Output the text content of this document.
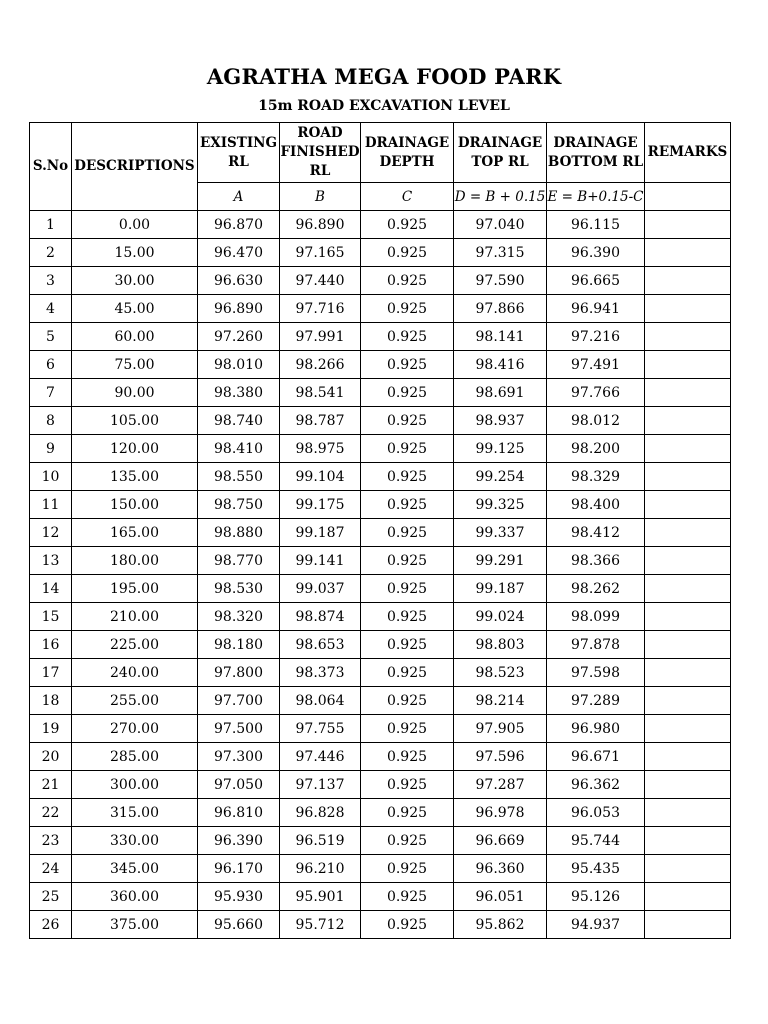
AGRATHA MEGA FOOD PARK
15m ROAD EXCAVATION LEVEL
S.No	DESCRIPTIONS	EXISTING RL	ROAD FINISHED RL	DRAINAGE DEPTH	DRAINAGE TOP RL	DRAINAGE BOTTOM RL	REMARKS
		A	B	C	D = B + 0.15	E = B+0.15-C	
1	0.00	96.870	96.890	0.925	97.040	96.115	
2	15.00	96.470	97.165	0.925	97.315	96.390	
3	30.00	96.630	97.440	0.925	97.590	96.665	
4	45.00	96.890	97.716	0.925	97.866	96.941	
5	60.00	97.260	97.991	0.925	98.141	97.216	
6	75.00	98.010	98.266	0.925	98.416	97.491	
7	90.00	98.380	98.541	0.925	98.691	97.766	
8	105.00	98.740	98.787	0.925	98.937	98.012	
9	120.00	98.410	98.975	0.925	99.125	98.200	
10	135.00	98.550	99.104	0.925	99.254	98.329	
11	150.00	98.750	99.175	0.925	99.325	98.400	
12	165.00	98.880	99.187	0.925	99.337	98.412	
13	180.00	98.770	99.141	0.925	99.291	98.366	
14	195.00	98.530	99.037	0.925	99.187	98.262	
15	210.00	98.320	98.874	0.925	99.024	98.099	
16	225.00	98.180	98.653	0.925	98.803	97.878	
17	240.00	97.800	98.373	0.925	98.523	97.598	
18	255.00	97.700	98.064	0.925	98.214	97.289	
19	270.00	97.500	97.755	0.925	97.905	96.980	
20	285.00	97.300	97.446	0.925	97.596	96.671	
21	300.00	97.050	97.137	0.925	97.287	96.362	
22	315.00	96.810	96.828	0.925	96.978	96.053	
23	330.00	96.390	96.519	0.925	96.669	95.744	
24	345.00	96.170	96.210	0.925	96.360	95.435	
25	360.00	95.930	95.901	0.925	96.051	95.126	
26	375.00	95.660	95.712	0.925	95.862	94.937	
